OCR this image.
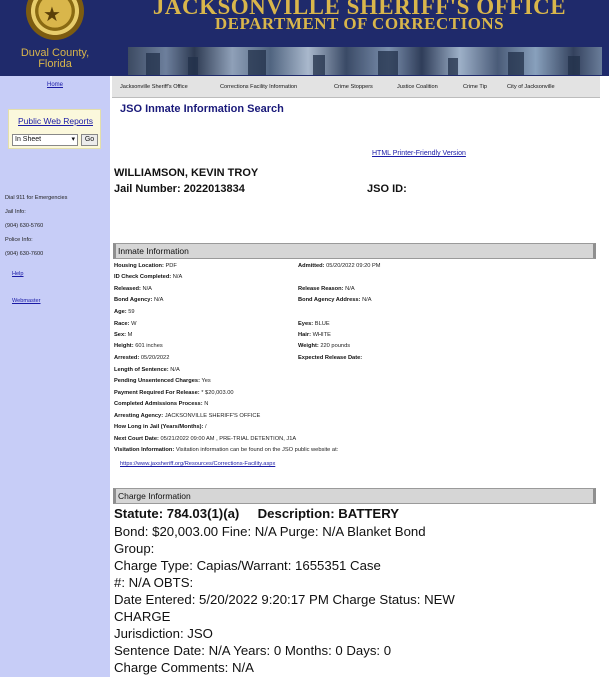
★
Duval County,
Florida
JACKSONVILLE SHERIFF'S OFFICE
DEPARTMENT OF CORRECTIONS
Home
Public Web Reports
In Sheet	▾	Go
Dial 911 for Emergencies
Jail Info:
(904) 630-5760
Police Info:
(904) 630-7600
Help
Webmaster
Jacksonville Sheriff's Office	Corrections Facility Information	Crime Stoppers	Justice Coalition	Crime Tip	City of Jacksonville
JSO Inmate Information Search
HTML Printer-Friendly Version
WILLIAMSON, KEVIN TROY
Jail Number: 2022013834	JSO ID:
Inmate Information
Housing Location: PDF	Admitted: 05/20/2022 09:20 PM
ID Check Completed: N/A
Released: N/A	Release Reason: N/A
Bond Agency: N/A	Bond Agency Address: N/A
Age: 59
Race: W	Eyes: BLUE
Sex: M	Hair: WHITE
Height: 601 inches	Weight: 220 pounds
Arrested: 05/20/2022	Expected Release Date:
Length of Sentence: N/A
Pending Unsentenced Charges: Yes
Payment Required For Release: * $20,003.00
Completed Admissions Process: N
Arresting Agency: JACKSONVILLE SHERIFF'S OFFICE
How Long in Jail (Years/Months): /
Next Court Date: 05/21/2022 09:00 AM , PRE-TRIAL DETENTION, J1A
Visitation Information: Visitation information can be found on the JSO public website at:
https://www.jaxsheriff.org/Resources/Corrections-Facility.aspx
Charge Information
Statute: 784.03(1)(a) Description: BATTERY
Bond: $20,003.00 Fine: N/A Purge: N/A Blanket Bond
Group:
Charge Type: Capias/Warrant: 1655351 Case
#: N/A OBTS:
Date Entered: 5/20/2022 9:20:17 PM Charge Status: NEW
CHARGE
Jurisdiction: JSO
Sentence Date: N/A Years: 0 Months: 0 Days: 0
Charge Comments: N/A
